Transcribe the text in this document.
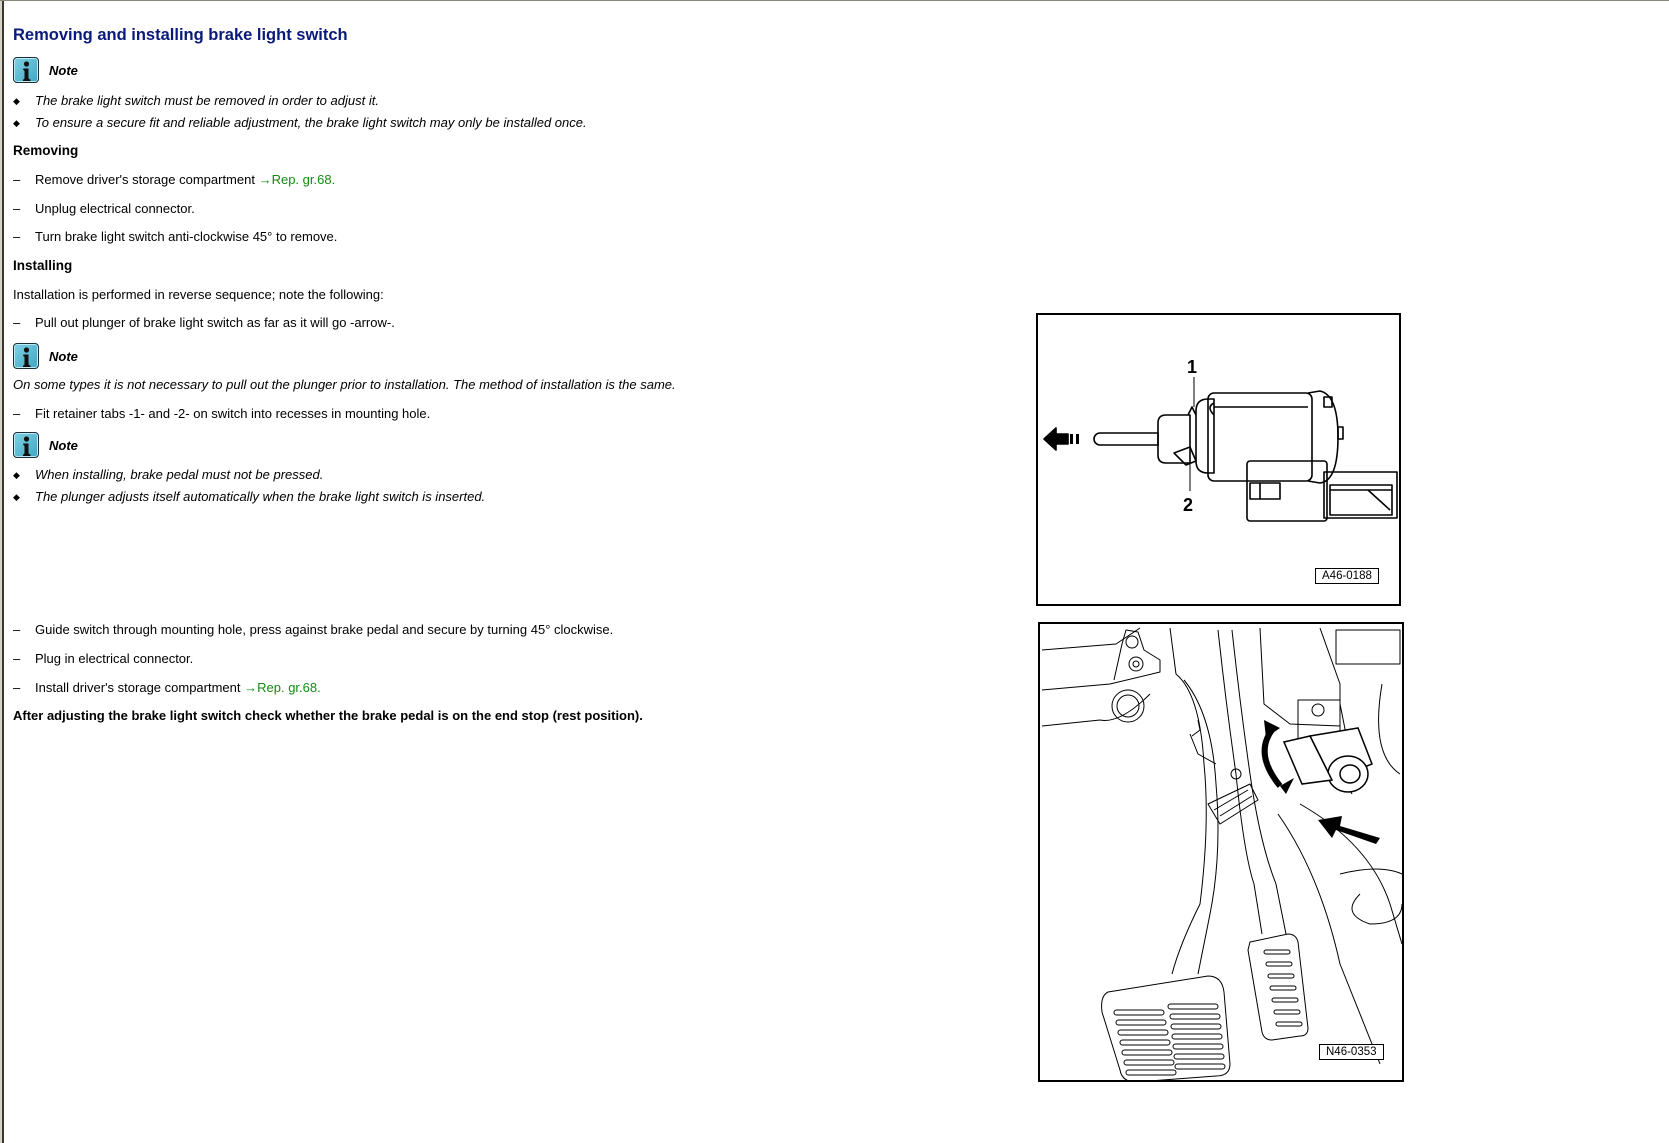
Removing and installing brake light switch
Note
◆ The brake light switch must be removed in order to adjust it.
◆ To ensure a secure fit and reliable adjustment, the brake light switch may only be installed once.
Removing
– Remove driver's storage compartment →Rep. gr.68.
– Unplug electrical connector.
– Turn brake light switch anti-clockwise 45° to remove.
Installing
Installation is performed in reverse sequence; note the following:
– Pull out plunger of brake light switch as far as it will go -arrow-.
Note
On some types it is not necessary to pull out the plunger prior to installation. The method of installation is the same.
– Fit retainer tabs -1- and -2- on switch into recesses in mounting hole.
Note
◆ When installing, brake pedal must not be pressed.
◆ The plunger adjusts itself automatically when the brake light switch is inserted.
– Guide switch through mounting hole, press against brake pedal and secure by turning 45° clockwise.
– Plug in electrical connector.
– Install driver's storage compartment →Rep. gr.68.
After adjusting the brake light switch check whether the brake pedal is on the end stop (rest position).
1
2
A46-0188
N46-0353
